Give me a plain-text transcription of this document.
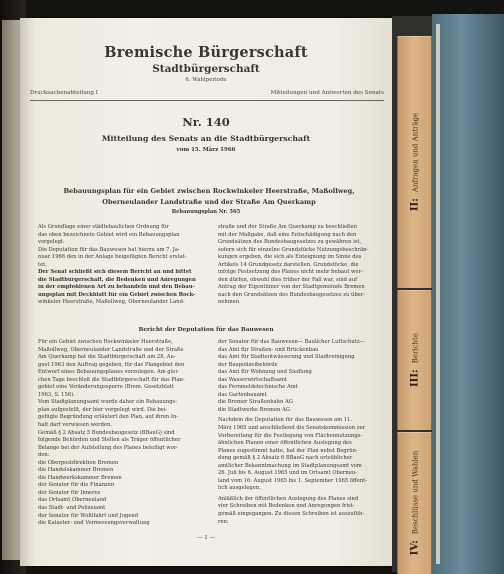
Bremische Bürgerschaft
Stadtbürgerschaft
6. Wahlperiode
Drucksachenabteilung I	Mitteilungen und Antworten des Senats
Nr. 140
Mitteilung des Senats an die Stadtbürgerschaft
vom 15. März 1966
Bebauungsplan für ein Gebiet zwischen Rockwinkeler Heerstraße, Maßollweg,
Oberneulander Landstraße und der Straße Am Querkamp
Bebauungsplan Nr. 565
Als Grundlage einer städtebaulichen Ordnung für
das oben bezeichnete Gebiet wird ein Bebauungsplan
vorgelegt.
Die Deputation für das Bauwesen hat hierzu am 7. Ja-
nuar 1966 den in der Anlage beigefügten Bericht erstat-
tet.
Der Senat schließt sich diesem Bericht an und bittet
die Stadtbürgerschaft, die Bedenken und Anregungen
in der empfohlenen Art zu behandeln und den Bebau-
ungsplan mit Deckblatt für ein Gebiet zwischen Rock-
winkeler Heerstraße, Maßollweg, Oberneulander Land-
straße und der Straße Am Querkamp zu beschließen
mit der Maßgabe, daß eine Entschädigung nach den
Grundsätzen des Bundesbaugesetzes zu gewähren ist,
sofern sich für einzelne Grundstücke Nutzungsbeschrän-
kungen ergeben, die sich als Enteignung im Sinne des
Artikels 14 Grundgesetz darstellen. Grundstücke, die
infolge Festsetzung des Planes nicht mehr bebaut wer-
den dürfen, obwohl dies früher der Fall war, sind auf
Antrag der Eigentümer von der Stadtgemeinde Bremen
nach den Grundsätzen des Bundesbaugesetzes zu über-
nehmen.
Bericht der Deputation für das Bauwesen
Für ein Gebiet zwischen Rockwinkeler Heerstraße,
Maßollweg, Oberneulander Landstraße und der Straße
Am Querkamp hat die Stadtbürgerschaft am 28. Au-
gust 1963 den Auftrag gegeben, für das Plangebiet den
Entwurf eines Bebauungsplanes vorzulegen. Am glei-
chen Tage beschloß die Stadtbürgerschaft für das Plan-
gebiet eine Veränderungssperre (Brem. Gesetzblatt
1963, S. 156).
Vom Stadtplanungsamt wurde daher ein Bebauungs-
plan aufgestellt, der hier vorgelegt wird. Die bei-
gefügte Begründung erläutert den Plan, auf ihren In-
halt darf verwiesen werden.
Gemäß § 2 Absatz 5 Bundesbaugesetz (BBauG) sind
folgende Behörden und Stellen als Träger öffentlicher
Belange bei der Aufstellung des Planes beteiligt wor-
den:
die Oberpostdirektion Bremen
die Handelskammer Bremen
die Handwerkskammer Bremen
der Senator für die Finanzen
der Senator für Inneres
das Ortsamt Oberneuland
das Stadt- und Polizeiamt
der Senator für Wohlfahrt und Jugend
die Kataster- und Vermessungsverwaltung
der Senator für das Bauwesen— Baulicher Luftschutz—
das Amt für Straßen- und Brückenbau
das Amt für Stadtentwässerung und Stadtreinigung
der Baupolizeibehörde
das Amt für Wohnung und Siedlung
das Wasserwirtschaftsamt
das Fernmeldetechnische Amt
das Gartenbauamt
die Bremer Straßenbahn AG
die Stadtwerke Bremen AG
Nachdem die Deputation für das Bauwesen am 11.
März 1965 und anschließend die Senatskommission zur
Vorbereitung für die Festlegung von Flächennutzungs-
ähnlichen Planen einer öffentlichen Auslegung des
Planes zugestimmt hatte, hat der Plan nebst Begrün-
dung gemäß § 2 Absatz 6 BBauG nach ortsüblicher
amtlicher Bekanntmachung im Stadtplanungsamt vom
26. Juli bis 6. August 1965 und im Ortsamt Oberneu-
land vom 16. August 1965 bis 1. September 1965 öffent-
lich ausgelegen.
Anläßlich der öffentlichen Auslegung des Planes sind
vier Schreiben mit Bedenken und Anregungen frist-
gemäß eingegangen. Zu diesen Schreiben ist auszufüh-
ren:
— 1 —
II:Anfragen und Anträge
III:Berichte
IV:Beschlüsse und Wahlen
